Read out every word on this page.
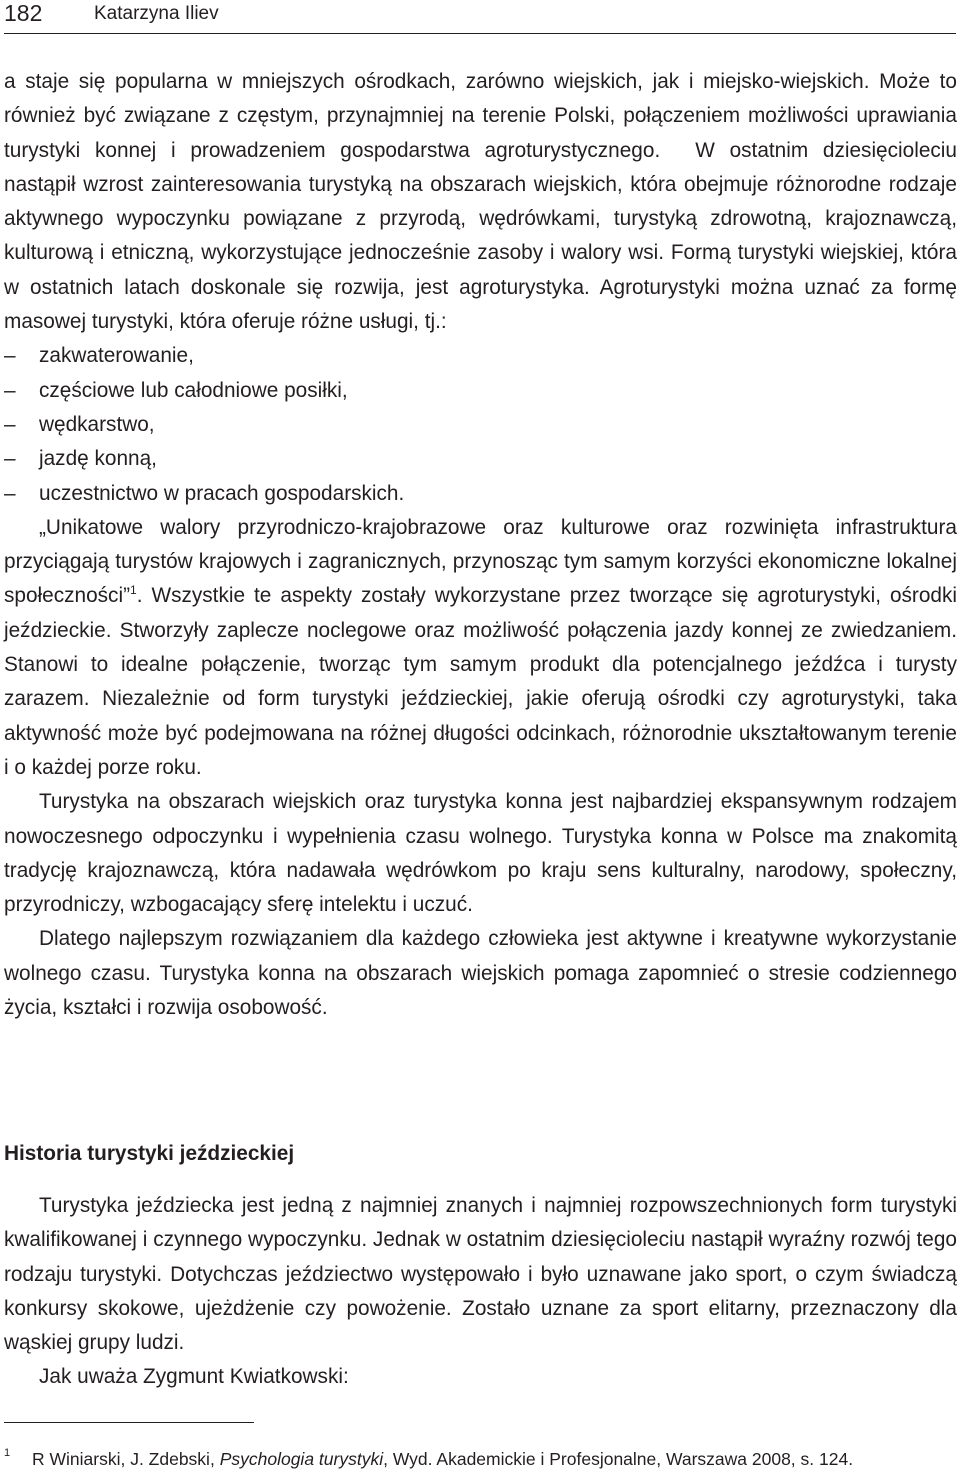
182	Katarzyna Iliev

a staje się popularna w mniejszych ośrodkach, zarówno wiejskich, jak i miejsko-wiejskich. Może to również być związane z częstym, przynajmniej na terenie Polski, połączeniem możliwości uprawiania turystyki konnej i prowadzeniem gospodarstwa agroturystycznego. W ostatnim dziesięcioleciu nastąpił wzrost zainteresowania turystyką na obszarach wiejskich, która obejmuje różnorodne rodzaje aktywnego wypoczynku powiązane z przyrodą, wędrówkami, turystyką zdrowotną, krajoznawczą, kulturową i etniczną, wykorzystujące jednocześnie zasoby i walory wsi. Formą turystyki wiejskiej, która w ostatnich latach doskonale się rozwija, jest agroturystyka. Agroturystyki można uznać za formę masowej turystyki, która oferuje różne usługi, tj.:

– zakwaterowanie,
– częściowe lub całodniowe posiłki,
– wędkarstwo,
– jazdę konną,
– uczestnictwo w pracach gospodarskich.

„Unikatowe walory przyrodniczo-krajobrazowe oraz kulturowe oraz rozwinięta infrastruktura przyciągają turystów krajowych i zagranicznych, przynosząc tym samym korzyści ekonomiczne lokalnej społeczności”$^1$. Wszystkie te aspekty zostały wykorzystane przez tworzące się agroturystyki, ośrodki jeździeckie. Stworzyły zaplecze noclegowe oraz możliwość połączenia jazdy konnej ze zwiedzaniem. Stanowi to idealne połączenie, tworząc tym samym produkt dla potencjalnego jeźdźca i turysty zarazem. Niezależnie od form turystyki jeździeckiej, jakie oferują ośrodki czy agroturystyki, taka aktywność może być podejmowana na różnej długości odcinkach, różnorodnie ukształtowanym terenie i o każdej porze roku.

Turystyka na obszarach wiejskich oraz turystyka konna jest najbardziej ekspansywnym rodzajem nowoczesnego odpoczynku i wypełnienia czasu wolnego. Turystyka konna w Polsce ma znakomitą tradycję krajoznawczą, która nadawała wędrówkom po kraju sens kulturalny, narodowy, społeczny, przyrodniczy, wzbogacający sferę intelektu i uczuć.

Dlatego najlepszym rozwiązaniem dla każdego człowieka jest aktywne i kreatywne wykorzystanie wolnego czasu. Turystyka konna na obszarach wiejskich pomaga zapomnieć o stresie codziennego życia, kształci i rozwija osobowość.

Historia turystyki jeździeckiej

Turystyka jeździecka jest jedną z najmniej znanych i najmniej rozpowszechnionych form turystyki kwalifikowanej i czynnego wypoczynku. Jednak w ostatnim dziesięcioleciu nastąpił wyraźny rozwój tego rodzaju turystyki. Dotychczas jeździectwo występowało i było uznawane jako sport, o czym świadczą konkursy skokowe, ujeżdżenie czy powożenie. Zostało uznane za sport elitarny, przeznaczony dla wąskiej grupy ludzi.

Jak uważa Zygmunt Kwiatkowski:

1 R Winiarski, J. Zdebski, Psychologia turystyki, Wyd. Akademickie i Profesjonalne, Warszawa 2008, s. 124.
